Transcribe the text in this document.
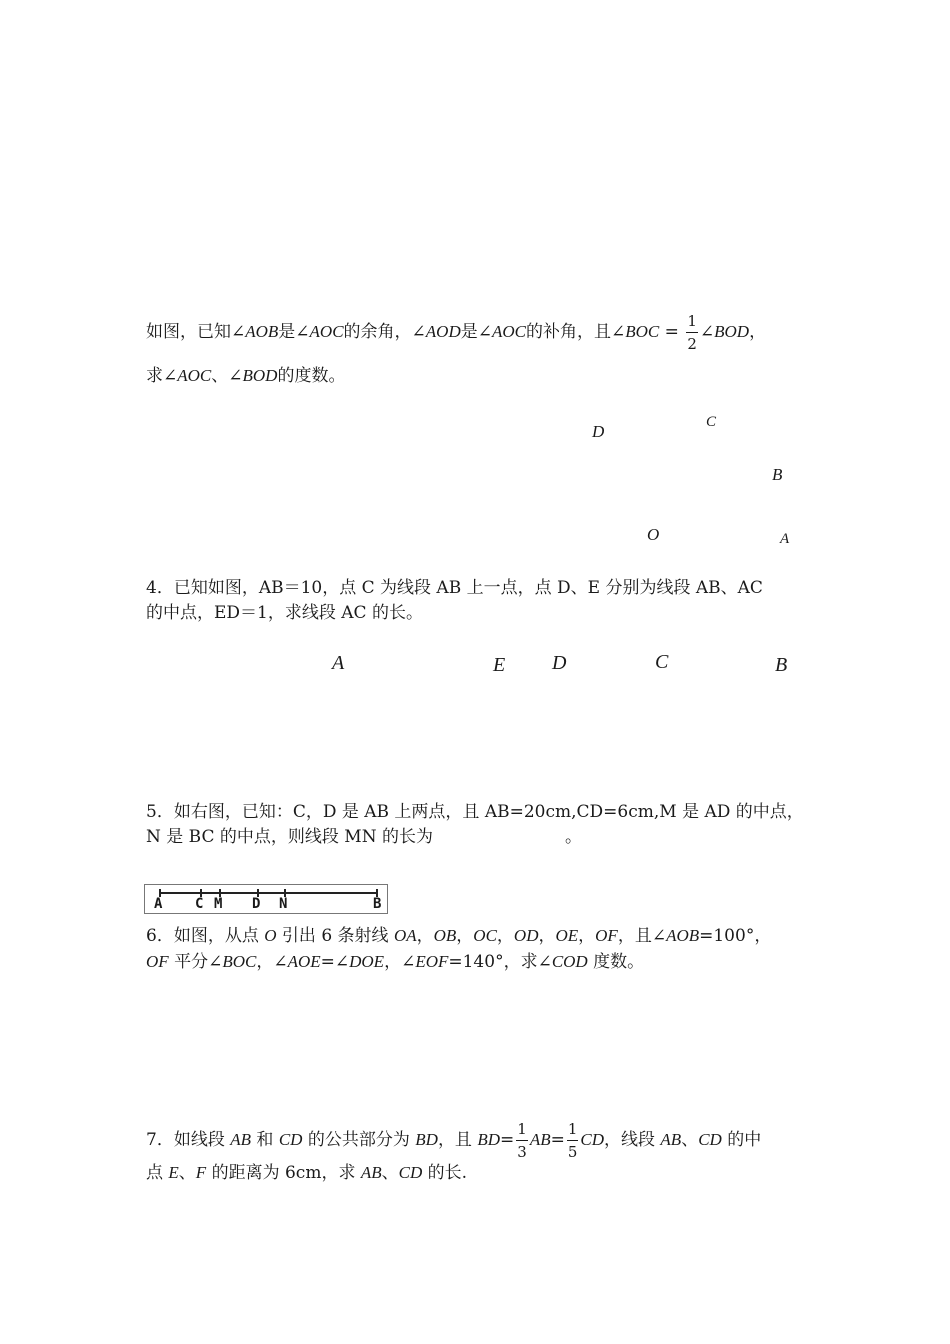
如图，已知∠AOB是∠AOC的余角，∠AOD是∠AOC的补角，且∠BOC = $\frac{1}{2}$ ∠BOD，
求∠AOC、∠BOD的度数。
D	C
B
O	A
4．已知如图，AB＝10，点 C 为线段 AB 上一点，点 D、E 分别为线段 AB、AC
的中点，ED＝1，求线段 AC 的长。
A	E D	C	B
5．如右图，已知：C，D 是 AB 上两点，且 AB=20cm,CD=6cm,M 是 AD 的中点，
N 是 BC 的中点，则线段 MN 的长为	。
A C M D N	B
6．如图，从点 O 引出 6 条射线 OA，OB，OC，OD，OE，OF，且∠AOB=100°，
OF 平分∠BOC，∠AOE=∠DOE，∠EOF=140°，求∠COD 度数。
7．如线段 AB 和 CD 的公共部分为 BD，且 $BD= \frac{1}{3} AB= \frac{1}{5}$ CD，线段 AB、CD 的中
点 E、F 的距离为 6cm，求 AB、CD 的长.
